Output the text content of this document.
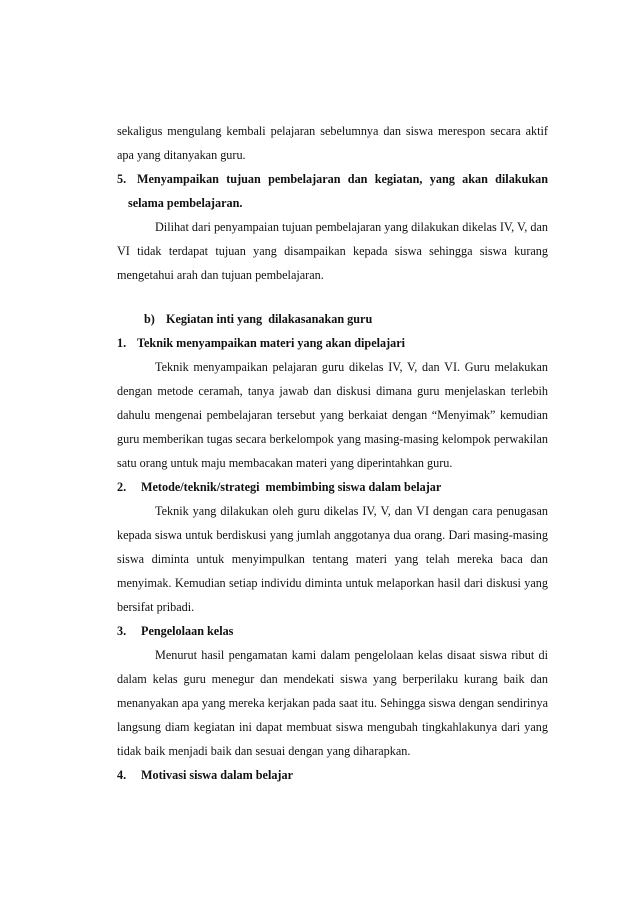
sekaligus mengulang kembali pelajaran sebelumnya dan siswa merespon secara aktif apa yang ditanyakan guru.

5. Menyampaikan tujuan pembelajaran dan kegiatan, yang akan dilakukan

selama pembelajaran.

Dilihat dari penyampaian tujuan pembelajaran yang dilakukan dikelas IV, V, dan VI tidak terdapat tujuan yang disampaikan kepada siswa sehingga siswa kurang mengetahui arah dan tujuan pembelajaran.

b) Kegiatan inti yang  dilakasanakan guru

1. Teknik menyampaikan materi yang akan dipelajari

Teknik menyampaikan pelajaran guru dikelas IV, V, dan VI. Guru melakukan dengan metode ceramah, tanya jawab dan diskusi dimana guru menjelaskan terlebih dahulu mengenai pembelajaran tersebut yang berkaiat dengan “Menyimak” kemudian guru memberikan tugas secara berkelompok yang masing-masing kelompok perwakilan satu orang untuk maju membacakan materi yang diperintahkan guru.

2. Metode/teknik/strategi  membimbing siswa dalam belajar

Teknik yang dilakukan oleh guru dikelas IV, V, dan VI dengan cara penugasan kepada siswa untuk berdiskusi yang jumlah anggotanya dua orang. Dari masing-masing siswa diminta untuk menyimpulkan tentang materi yang telah mereka baca dan menyimak. Kemudian setiap individu diminta untuk melaporkan hasil dari diskusi yang bersifat pribadi.

3. Pengelolaan kelas

Menurut hasil pengamatan kami dalam pengelolaan kelas disaat siswa ribut di dalam kelas guru menegur dan mendekati siswa yang berperilaku kurang baik dan menanyakan apa yang mereka kerjakan pada saat itu. Sehingga siswa dengan sendirinya langsung diam kegiatan ini dapat membuat siswa mengubah tingkahlakunya dari yang tidak baik menjadi baik dan sesuai dengan yang diharapkan.

4. Motivasi siswa dalam belajar
